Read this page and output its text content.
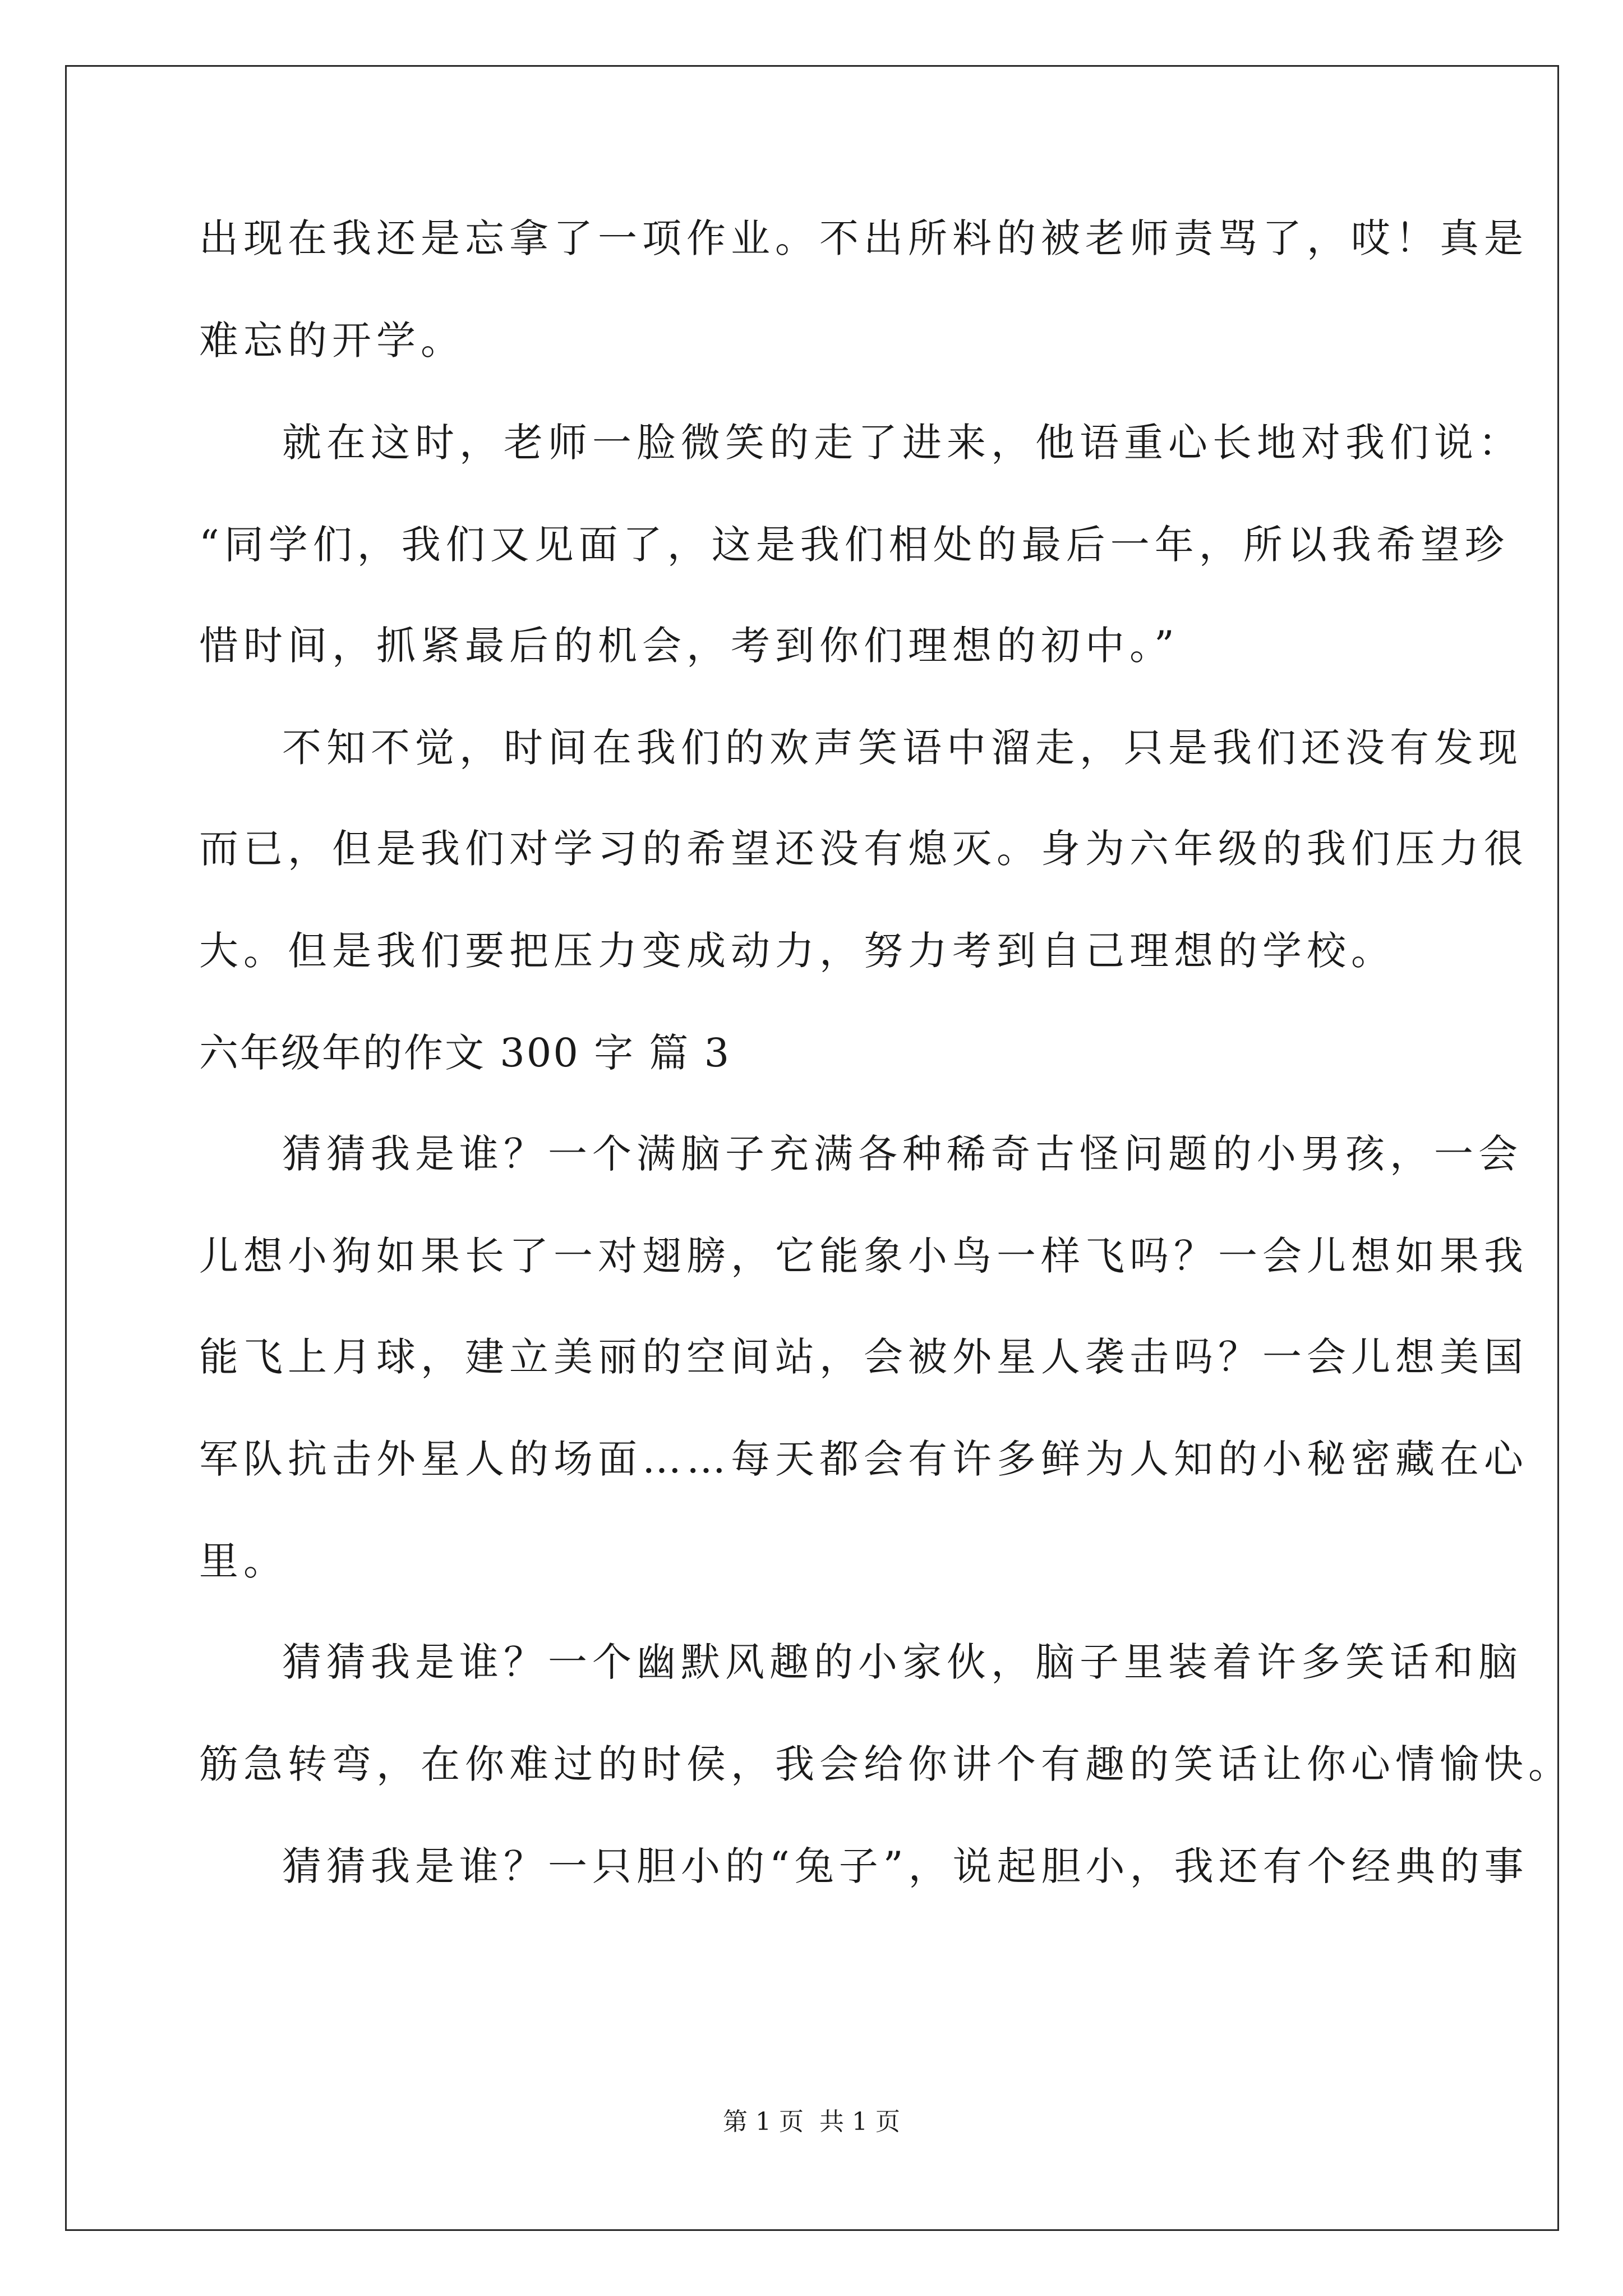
出现在我还是忘拿了一项作业。不出所料的被老师责骂了，哎！真是
难忘的开学。
就在这时，老师一脸微笑的走了进来，他语重心长地对我们说：
“同学们，我们又见面了，这是我们相处的最后一年，所以我希望珍
惜时间，抓紧最后的机会，考到你们理想的初中。”
不知不觉，时间在我们的欢声笑语中溜走，只是我们还没有发现
而已，但是我们对学习的希望还没有熄灭。身为六年级的我们压力很
大。但是我们要把压力变成动力，努力考到自己理想的学校。
六年级年的作文 300 字 篇 3
猜猜我是谁？一个满脑子充满各种稀奇古怪问题的小男孩，一会
儿想小狗如果长了一对翅膀，它能象小鸟一样飞吗？一会儿想如果我
能飞上月球，建立美丽的空间站，会被外星人袭击吗？一会儿想美国
军队抗击外星人的场面……每天都会有许多鲜为人知的小秘密藏在心
里。
猜猜我是谁？一个幽默风趣的小家伙，脑子里装着许多笑话和脑
筋急转弯，在你难过的时侯，我会给你讲个有趣的笑话让你心情愉快。
猜猜我是谁？一只胆小的“兔子”，说起胆小，我还有个经典的事
第 1 页 共 1 页
